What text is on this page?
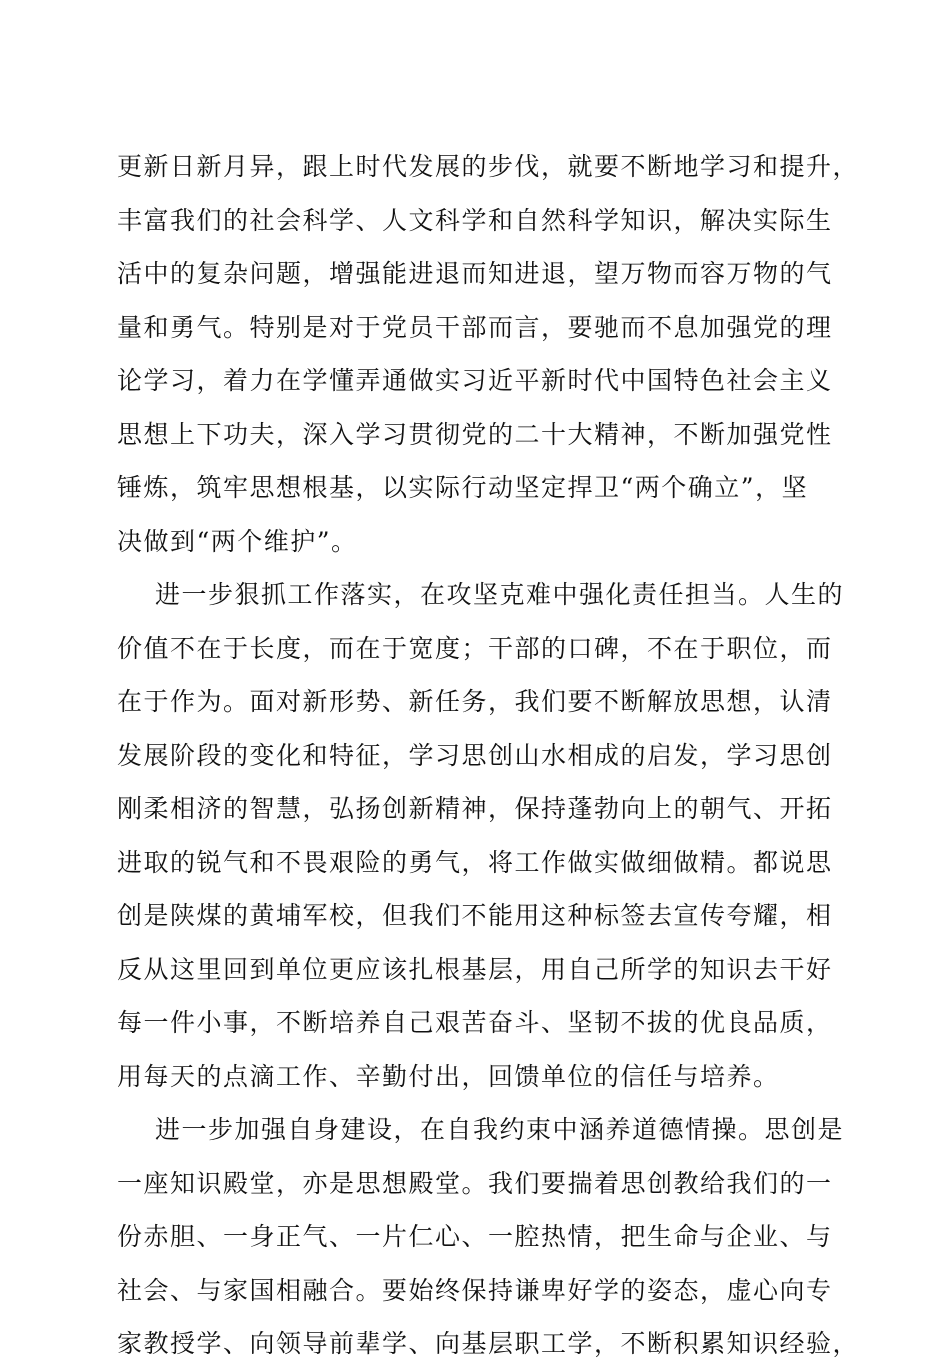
更新日新月异，跟上时代发展的步伐，就要不断地学习和提升，
丰富我们的社会科学、人文科学和自然科学知识，解决实际生
活中的复杂问题，增强能进退而知进退，望万物而容万物的气
量和勇气。特别是对于党员干部而言，要驰而不息加强党的理
论学习，着力在学懂弄通做实习近平新时代中国特色社会主义
思想上下功夫，深入学习贯彻党的二十大精神，不断加强党性
锤炼，筑牢思想根基，以实际行动坚定捍卫“两个确立”，坚
决做到“两个维护”。
进一步狠抓工作落实，在攻坚克难中强化责任担当。人生的
价值不在于长度，而在于宽度；干部的口碑，不在于职位，而
在于作为。面对新形势、新任务，我们要不断解放思想，认清
发展阶段的变化和特征，学习思创山水相成的启发，学习思创
刚柔相济的智慧，弘扬创新精神，保持蓬勃向上的朝气、开拓
进取的锐气和不畏艰险的勇气，将工作做实做细做精。都说思
创是陕煤的黄埔军校，但我们不能用这种标签去宣传夸耀，相
反从这里回到单位更应该扎根基层，用自己所学的知识去干好
每一件小事，不断培养自己艰苦奋斗、坚韧不拔的优良品质，
用每天的点滴工作、辛勤付出，回馈单位的信任与培养。
进一步加强自身建设，在自我约束中涵养道德情操。思创是
一座知识殿堂，亦是思想殿堂。我们要揣着思创教给我们的一
份赤胆、一身正气、一片仁心、一腔热情，把生命与企业、与
社会、与家国相融合。要始终保持谦卑好学的姿态，虚心向专
家教授学、向领导前辈学、向基层职工学，不断积累知识经验，
